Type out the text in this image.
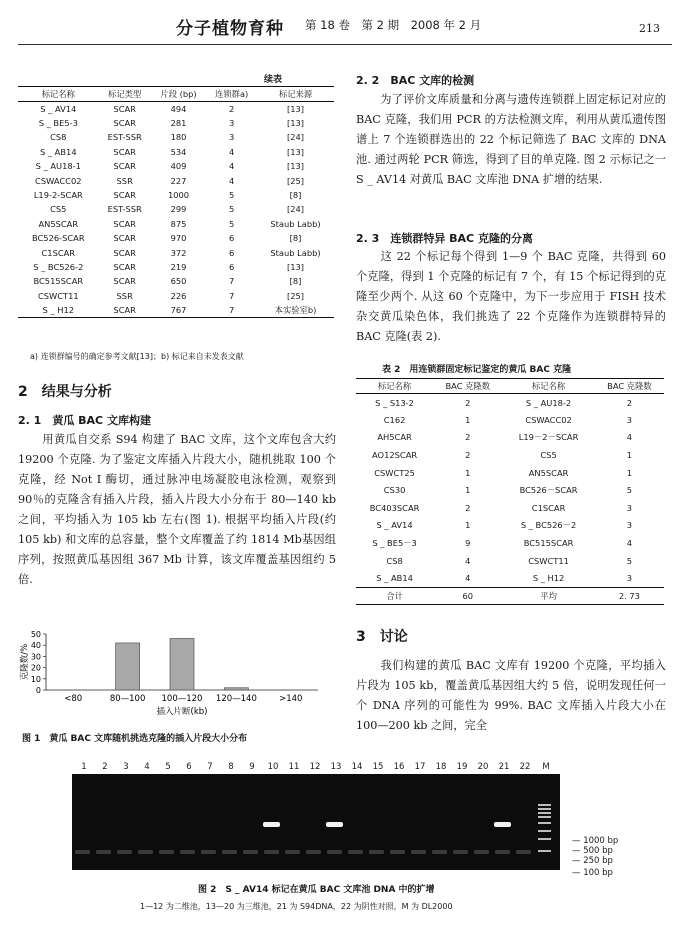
分子植物育种 第 18 卷　第 2 期　2008 年 2 月	213
续表
标记名称	标记类型	片段 (bp)	连锁群a)	标记来源
S _ AV14	SCAR	494	2	[13]
S _ BE5-3	SCAR	281	3	[13]
CS8	EST-SSR	180	3	[24]
S _ AB14	SCAR	534	4	[13]
S _ AU18-1	SCAR	409	4	[13]
CSWACC02	SSR	227	4	[25]
L19-2-SCAR	SCAR	1000	5	[8]
CS5	EST-SSR	299	5	[24]
AN5SCAR	SCAR	875	5	Staub Labb)
BC526-SCAR	SCAR	970	6	[8]
C1SCAR	SCAR	372	6	Staub Labb)
S _ BC526-2	SCAR	219	6	[13]
BC515SCAR	SCAR	650	7	[8]
CSWCT11	SSR	226	7	[25]
S _ H12	SCAR	767	7	本实验室b)
a) 连锁群编号的确定参考文献[13]；b) 标记来自未发表文献
2　结果与分析
2. 1　黄瓜 BAC 文库构建
用黄瓜自交系 S94 构建了 BAC 文库，这个文库包含大约 19200 个克隆. 为了鉴定文库插入片段大小，随机挑取 100 个克隆，经 Not I 酶切，通过脉冲电场凝胶电泳检测，观察到 90％的克隆含有插入片段，插入片段大小分布于 80—140 kb 之间，平均插入为 105 kb 左右(图 1). 根据平均插入片段(约 105 kb) 和文库的总容量，整个文库覆盖了约 1814 Mb基因组序列，按照黄瓜基因组 367 Mb 计算，该文库覆盖基因组约 5 倍.
0
10
20
30
40
50
<80	80—100 100—120 120—140	>140
插入片断(kb)
克隆数/%
图 1　黄瓜 BAC 文库随机挑选克隆的插入片段大小分布
2. 2　BAC 文库的检测
为了评价文库质量和分离与遗传连锁群上固定标记对应的 BAC 克隆，我们用 PCR 的方法检测文库，利用从黄瓜遗传图谱上 7 个连锁群选出的 22 个标记筛选了 BAC 文库的 DNA 池. 通过两轮 PCR 筛选，得到了目的单克隆. 图 2 示标记之一 S _ AV14 对黄瓜 BAC 文库池 DNA 扩增的结果.
2. 3　连锁群特异 BAC 克隆的分离
这 22 个标记每个得到 1—9 个 BAC 克隆，共得到 60 个克隆，得到 1 个克隆的标记有 7 个，有 15 个标记得到的克隆至少两个. 从这 60 个克隆中，为下一步应用于 FISH 技术杂交黄瓜染色体，我们挑选了 22 个克隆作为连锁群特异的 BAC 克隆(表 2).
表 2　用连锁群固定标记鉴定的黄瓜 BAC 克隆
标记名称	BAC 克隆数	标记名称	BAC 克隆数
S _ S13-2	2	S _ AU18-2	2
C162	1	CSWACC02	3
AH5CAR	2	L19－2－SCAR	4
AO12SCAR	2	CS5	1
CSWCT25	1	AN5SCAR	1
CS30	1	BC526－SCAR	5
BC403SCAR	2	C1SCAR	3
S _ AV14	1	S _ BC526－2	3
S _ BE5－3	9	BC515SCAR	4
CS8	4	CSWCT11	5
S _ AB14	4	S _ H12	3
合计	60	平均	2. 73
3　讨论
我们构建的黄瓜 BAC 文库有 19200 个克隆，平均插入片段为 105 kb，覆盖黄瓜基因组大约 5 倍，说明发现任何一个 DNA 序列的可能性为 99%. BAC 文库插入片段大小在 100—200 kb 之间，完全
1 2 3 4 5 6 7 8 9 10 11 12 13 14 15 16 17 18 19 20 21 22 M
— 1000 bp
— 500 bp
— 250 bp
— 100 bp
图 2　S _ AV14 标记在黄瓜 BAC 文库池 DNA 中的扩增
1—12 为二维池，13—20 为三维池，21 为 S94DNA，22 为阴性对照，M 为 DL2000
